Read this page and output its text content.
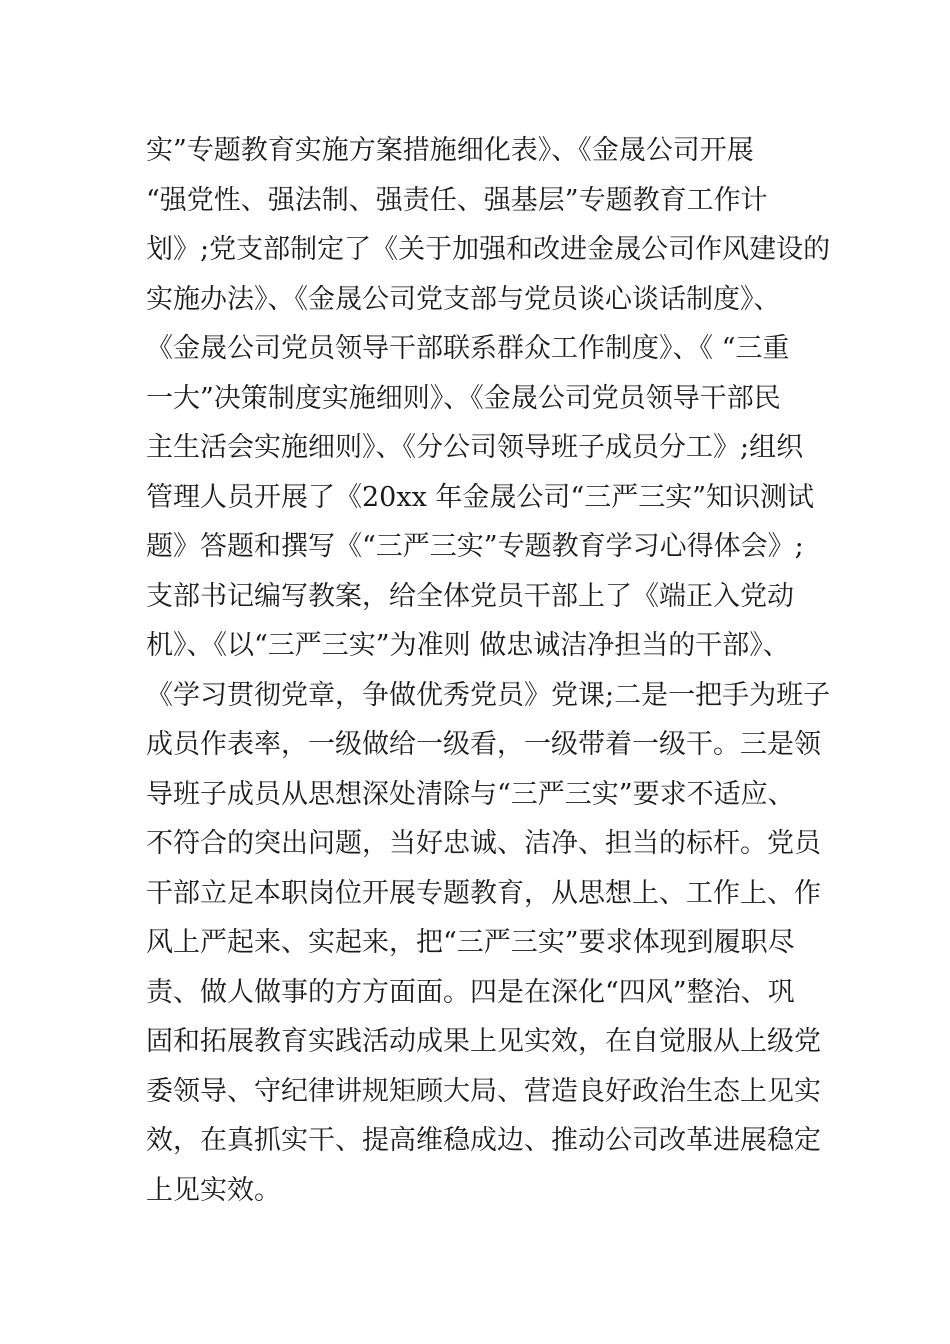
实”专题教育实施方案措施细化表》、《金晟公司开展
“强党性、强法制、强责任、强基层”专题教育工作计
划》;党支部制定了《关于加强和改进金晟公司作风建设的
实施办法》、《金晟公司党支部与党员谈心谈话制度》、
《金晟公司党员领导干部联系群众工作制度》、《 “三重
一大”决策制度实施细则》、《金晟公司党员领导干部民
主生活会实施细则》、《分公司领导班子成员分工》;组织
管理人员开展了《20xx 年金晟公司“三严三实”知识测试
题》答题和撰写《“三严三实”专题教育学习心得体会》;
支部书记编写教案，给全体党员干部上了《端正入党动
机》、《以“三严三实”为准则 做忠诚洁净担当的干部》、
《学习贯彻党章，争做优秀党员》党课;二是一把手为班子
成员作表率，一级做给一级看，一级带着一级干。三是领
导班子成员从思想深处清除与“三严三实”要求不适应、
不符合的突出问题，当好忠诚、洁净、担当的标杆。党员
干部立足本职岗位开展专题教育，从思想上、工作上、作
风上严起来、实起来，把“三严三实”要求体现到履职尽
责、做人做事的方方面面。四是在深化“四风”整治、巩
固和拓展教育实践活动成果上见实效，在自觉服从上级党
委领导、守纪律讲规矩顾大局、营造良好政治生态上见实
效，在真抓实干、提高维稳成边、推动公司改革进展稳定
上见实效。
